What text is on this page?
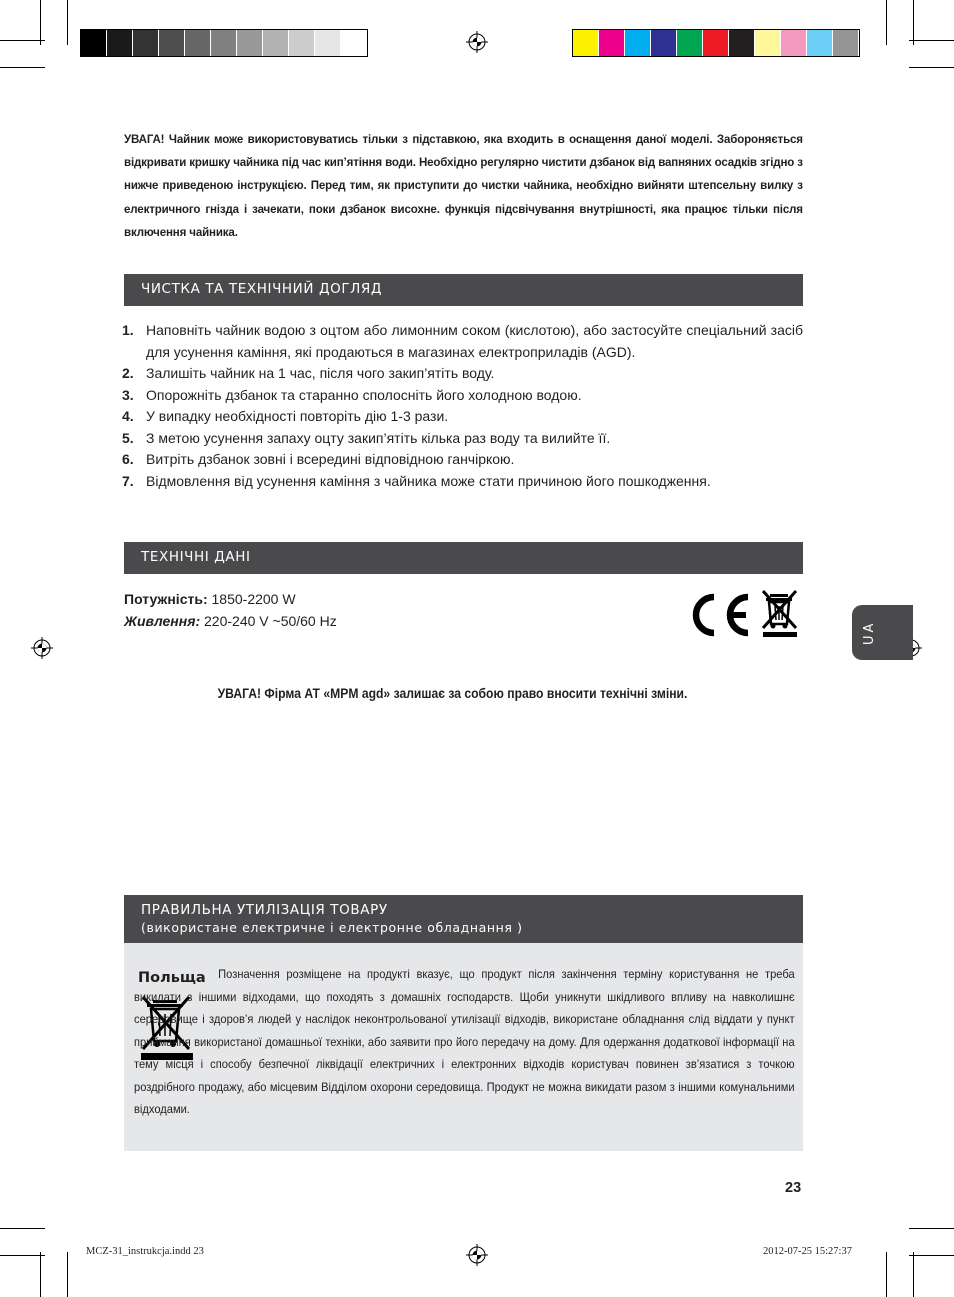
УВАГА! Чайник може використовуватись тільки з підставкою, яка входить в оснащення даної моделі. Забороняється відкривати кришку чайника під час кип’ятіння води. Необхідно регулярно чистити дзбанок від вапняних осадків згідно з нижче приведеною інструкцією. Перед тим, як приступити до чистки чайника, необхідно вийняти штепсельну вилку з електричного гнізда і зачекати, поки дзбанок висохне. функція підсвічування внутрішності, яка працює тільки після включення чайника.
ЧИСТКА ТА ТЕХНІЧНИЙ ДОГЛЯД
1. Наповніть чайник водою з оцтом або лимонним соком (кислотою), або застосуйте спеціальний засіб для усунення каміння, які продаються в магазинах електроприладів (AGD).
2. Залишіть чайник на 1 час, після чого закип’ятіть воду.
3. Опорожніть дзбанок та старанно сполосніть його холодною водою.
4. У випадку необхідності повторіть дію 1-3 рази.
5. З метою усунення запаху оцту закип’ятіть кілька раз воду та вилийте її.
6. Витріть дзбанок зовні і всередині відповідною ганчіркою.
7. Відмовлення від усунення каміння з чайника може стати причиною його пошкодження.
ТЕХНІЧНІ ДАНІ
Потужність: 1850-2200 W
Живлення: 220-240 V ~50/60 Hz	UA
УВАГА! Фірма АТ «MPM agd» залишає за собою право вносити технічні зміни.
ПРАВИЛЬНА УТИЛІЗАЦІЯ ТОВАРУ
(використане електричне і електронне обладнання )
Польща	Позначення розміщене на продукті вказує, що продукт після закінчення терміну користування не треба викидати з іншими відходами, що походять з домашніх господарств. Щоби уникнути шкідливого впливу на навколишнє середовище і здоров’я людей у наслідок неконтрольованої утилізації відходів, використане обладнання слід віддати у пункт приймання використаної домашньої техніки, або заявити про його передачу на дому. Для одержання додаткової інформації на тему місця і способу безпечної ліквідації електричних і електронних відходів користувач повинен зв’язатися з точкою роздрібного продажу, або місцевим Відділом охорони середовища. Продукт не можна викидати разом з іншими комунальними відходами.
23
MCZ-31_instrukcja.indd 23	2012-07-25 15:27:37
